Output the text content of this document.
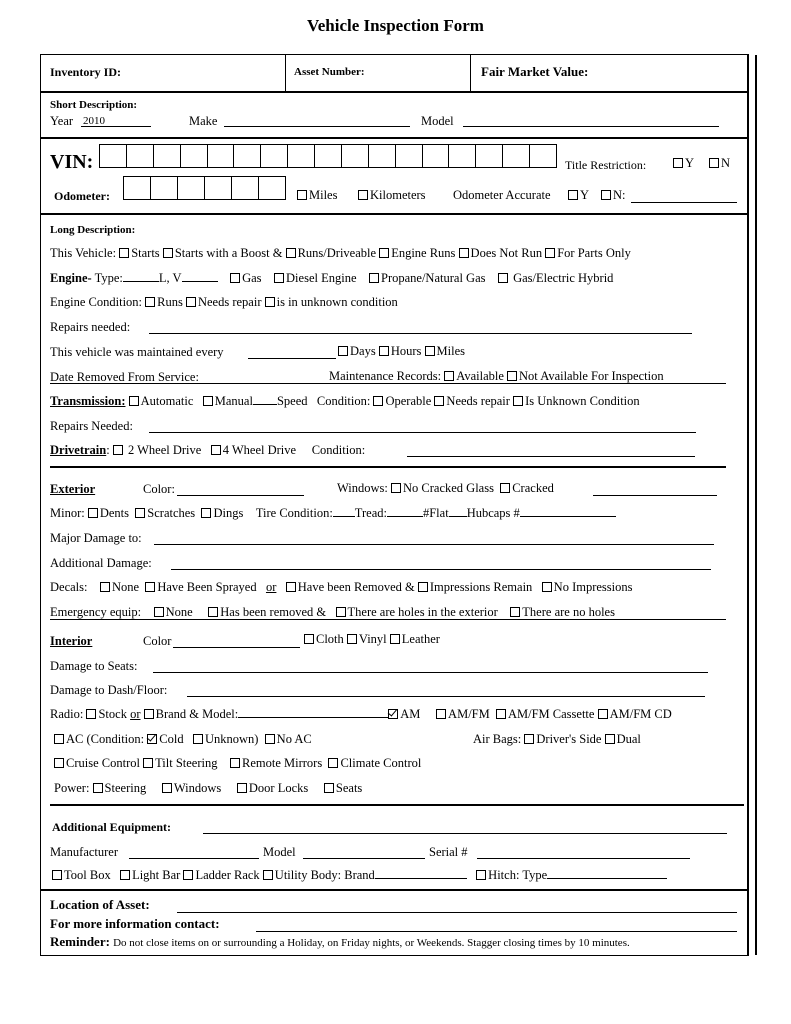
Vehicle Inspection Form
Inventory ID:	Asset Number:	Fair Market Value:
Short Description:
Year 2010	Make	Model
VIN:	Title Restriction:	Y	N
Odometer:	Miles	Kilometers Odometer Accurate	Y	N:
Long Description:
This Vehicle: Starts Starts with a Boost & Runs/Driveable Engine Runs Does Not Run For Parts Only
Engine- Type:	L, V	Gas Diesel Engine Propane/Natural Gas Gas/Electric Hybrid
Engine Condition: Runs Needs repair is in unknown condition
Repairs needed:
This vehicle was maintained every	Days Hours Miles
Date Removed From Service:	Maintenance Records: Available Not Available For Inspection
Transmission: Automatic Manual Speed Condition: Operable Needs repair Is Unknown Condition
Repairs Needed:
Drivetrain:  2 Wheel Drive 4 Wheel Drive Condition:
Exterior	Color:	Windows: No Cracked Glass Cracked
Minor: Dents Scratches Dings Tire Condition: Tread:	#Flat Hubcaps #
Major Damage to:
Additional Damage:
Decals: None Have Been Sprayed or Have been Removed & Impressions Remain No Impressions
Emergency equip: None Has been removed & There are holes in the exterior There are no holes
Interior	Color	Cloth Vinyl Leather
Damage to Seats:
Damage to Dash/Floor:
Radio: Stock or Brand & Model:	AM AM/FM AM/FM Cassette AM/FM CD
AC (Condition: Cold Unknown) No AC	Air Bags: Driver's Side Dual
Cruise Control Tilt Steering Remote Mirrors Climate Control
Power: Steering Windows Door Locks Seats
Additional Equipment:
Manufacturer	Model	Serial #
Tool Box Light Bar Ladder Rack Utility Body: Brand	Hitch: Type
Location of Asset:
For more information contact:
Reminder: Do not close items on or surrounding a Holiday, on Friday nights, or Weekends. Stagger closing times by 10 minutes.
